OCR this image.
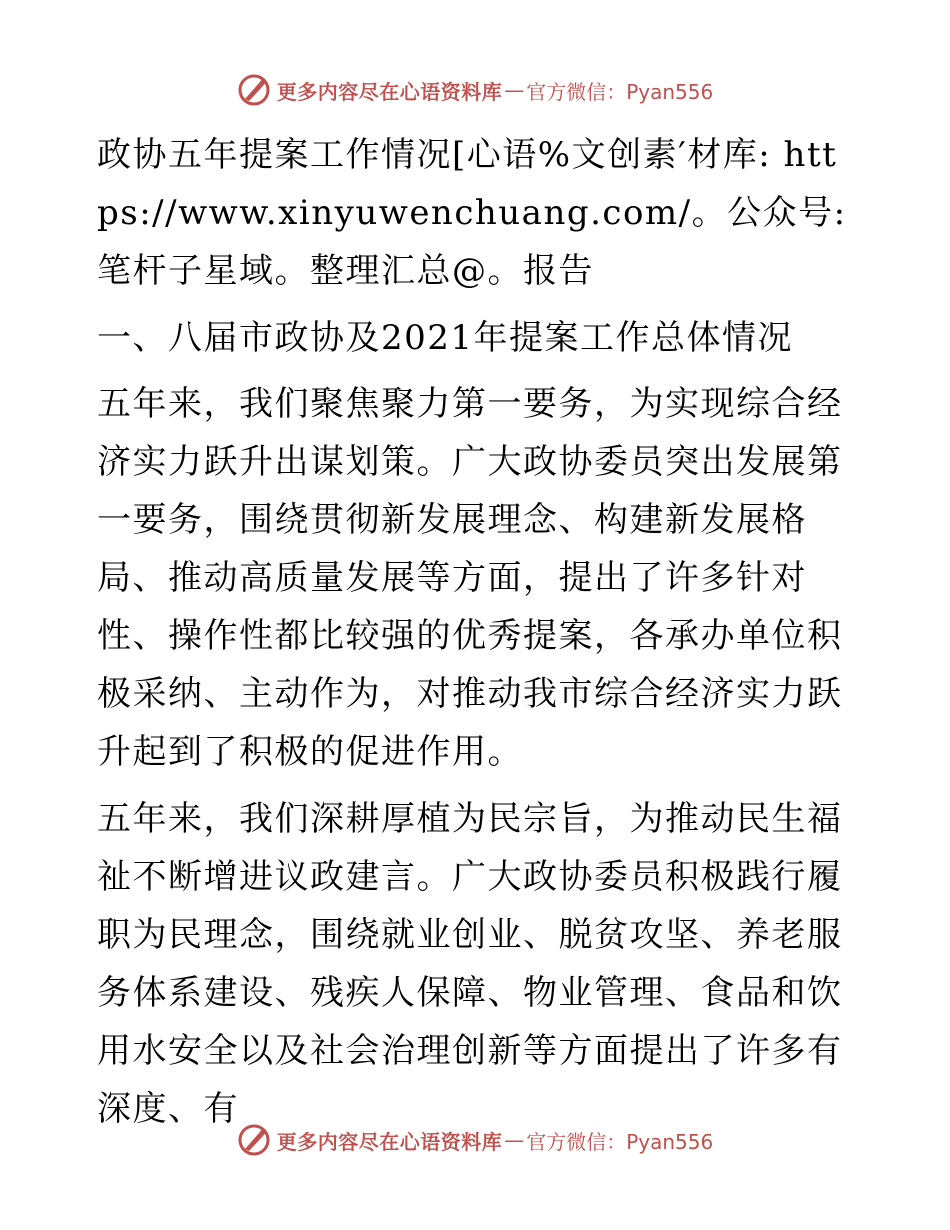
更多内容尽在心语资料库 — 官方微信：Pyan556
政协五年提案工作情况[心语%文创素′材库: https://www.xinyuwenchuang.com/。公众号: 笔杆子星域。整理汇总@。报告
一、八届市政协及2021年提案工作总体情况
五年来，我们聚焦聚力第一要务，为实现综合经济实力跃升出谋划策。广大政协委员突出发展第一要务，围绕贯彻新发展理念、构建新发展格局、推动高质量发展等方面，提出了许多针对性、操作性都比较强的优秀提案，各承办单位积极采纳、主动作为，对推动我市综合经济实力跃升起到了积极的促进作用。
五年来，我们深耕厚植为民宗旨，为推动民生福祉不断增进议政建言。广大政协委员积极践行履职为民理念，围绕就业创业、脱贫攻坚、养老服务体系建设、残疾人保障、物业管理、食品和饮用水安全以及社会治理创新等方面提出了许多有深度、有
更多内容尽在心语资料库 — 官方微信：Pyan556
